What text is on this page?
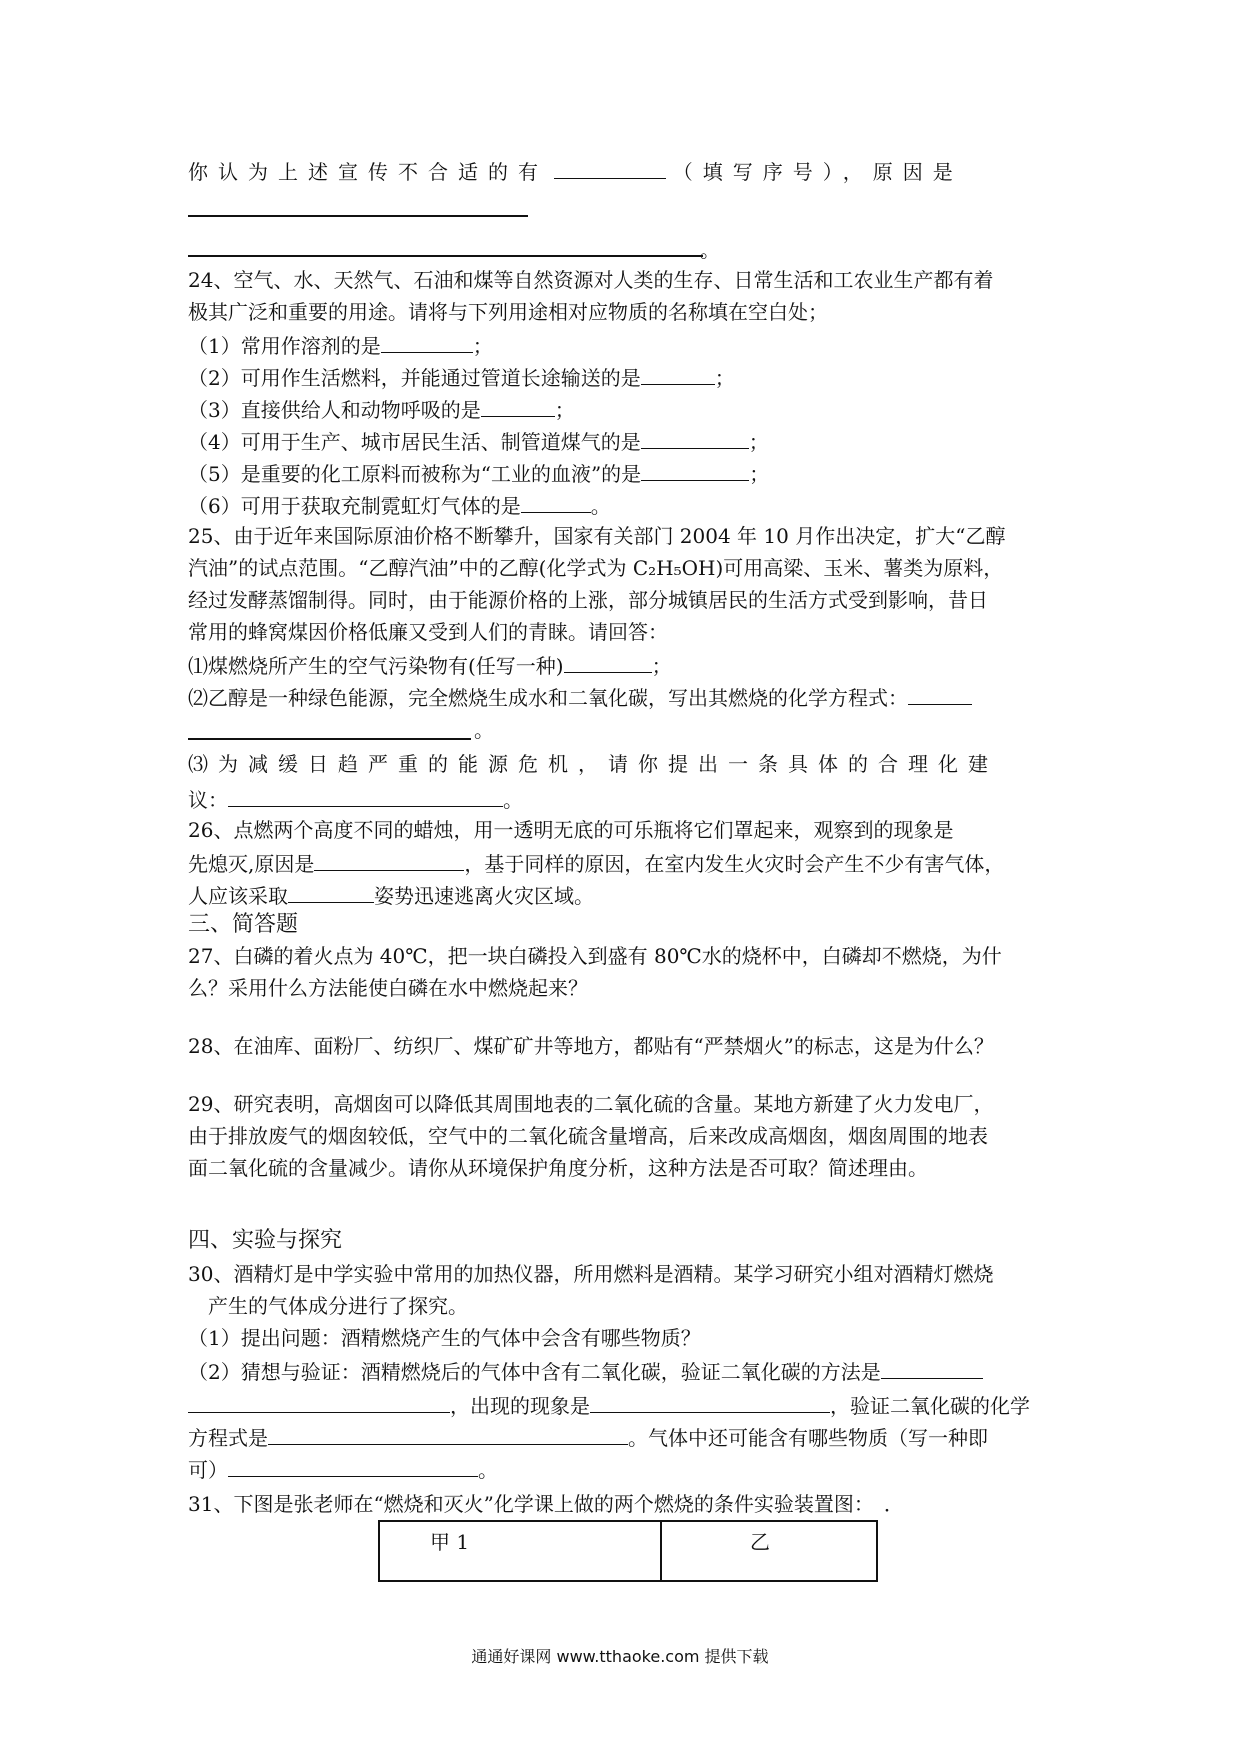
你认为上述宣传不合适的有	（填写序号），原因是
。
24、空气、水、天然气、石油和煤等自然资源对人类的生存、日常生活和工农业生产都有着
极其广泛和重要的用途。请将与下列用途相对应物质的名称填在空白处；
（1）常用作溶剂的是	；
（2）可用作生活燃料，并能通过管道长途输送的是	；
（3）直接供给人和动物呼吸的是	；
（4）可用于生产、城市居民生活、制管道煤气的是	；
（5）是重要的化工原料而被称为“工业的血液”的是	；
（6）可用于获取充制霓虹灯气体的是	。
25、由于近年来国际原油价格不断攀升，国家有关部门 2004 年 10 月作出决定，扩大“乙醇
汽油”的试点范围。“乙醇汽油”中的乙醇(化学式为 C₂H₅OH)可用高梁、玉米、薯类为原料，
经过发酵蒸馏制得。同时，由于能源价格的上涨，部分城镇居民的生活方式受到影响，昔日
常用的蜂窝煤因价格低廉又受到人们的青睐。请回答：
⑴煤燃烧所产生的空气污染物有(任写一种)	；
⑵乙醇是一种绿色能源，完全燃烧生成水和二氧化碳，写出其燃烧的化学方程式：
。
⑶为减缓日趋严重的能源危机，请你提出一条具体的合理化建
议：	。
26、点燃两个高度不同的蜡烛，用一透明无底的可乐瓶将它们罩起来，观察到的现象是
先熄灭,原因是	，基于同样的原因，在室内发生火灾时会产生不少有害气体，
人应该采取	姿势迅速逃离火灾区域。
三、简答题
27、白磷的着火点为 40℃，把一块白磷投入到盛有 80℃水的烧杯中，白磷却不燃烧，为什
么？采用什么方法能使白磷在水中燃烧起来？
28、在油库、面粉厂、纺织厂、煤矿矿井等地方，都贴有“严禁烟火”的标志，这是为什么？
29、研究表明，高烟囱可以降低其周围地表的二氧化硫的含量。某地方新建了火力发电厂，
由于排放废气的烟囱较低，空气中的二氧化硫含量增高，后来改成高烟囱，烟囱周围的地表
面二氧化硫的含量减少。请你从环境保护角度分析，这种方法是否可取？简述理由。
四、实验与探究
30、酒精灯是中学实验中常用的加热仪器，所用燃料是酒精。某学习研究小组对酒精灯燃烧
产生的气体成分进行了探究。
（1）提出问题：酒精燃烧产生的气体中会含有哪些物质？
（2）猜想与验证：酒精燃烧后的气体中含有二氧化碳，验证二氧化碳的方法是
，出现的现象是	，验证二氧化碳的化学
方程式是	。气体中还可能含有哪些物质（写一种即
可）	。
31、下图是张老师在“燃烧和灭火”化学课上做的两个燃烧的条件实验装置图：　．
甲 1	乙
通通好课网 www.tthaoke.com 提供下载
